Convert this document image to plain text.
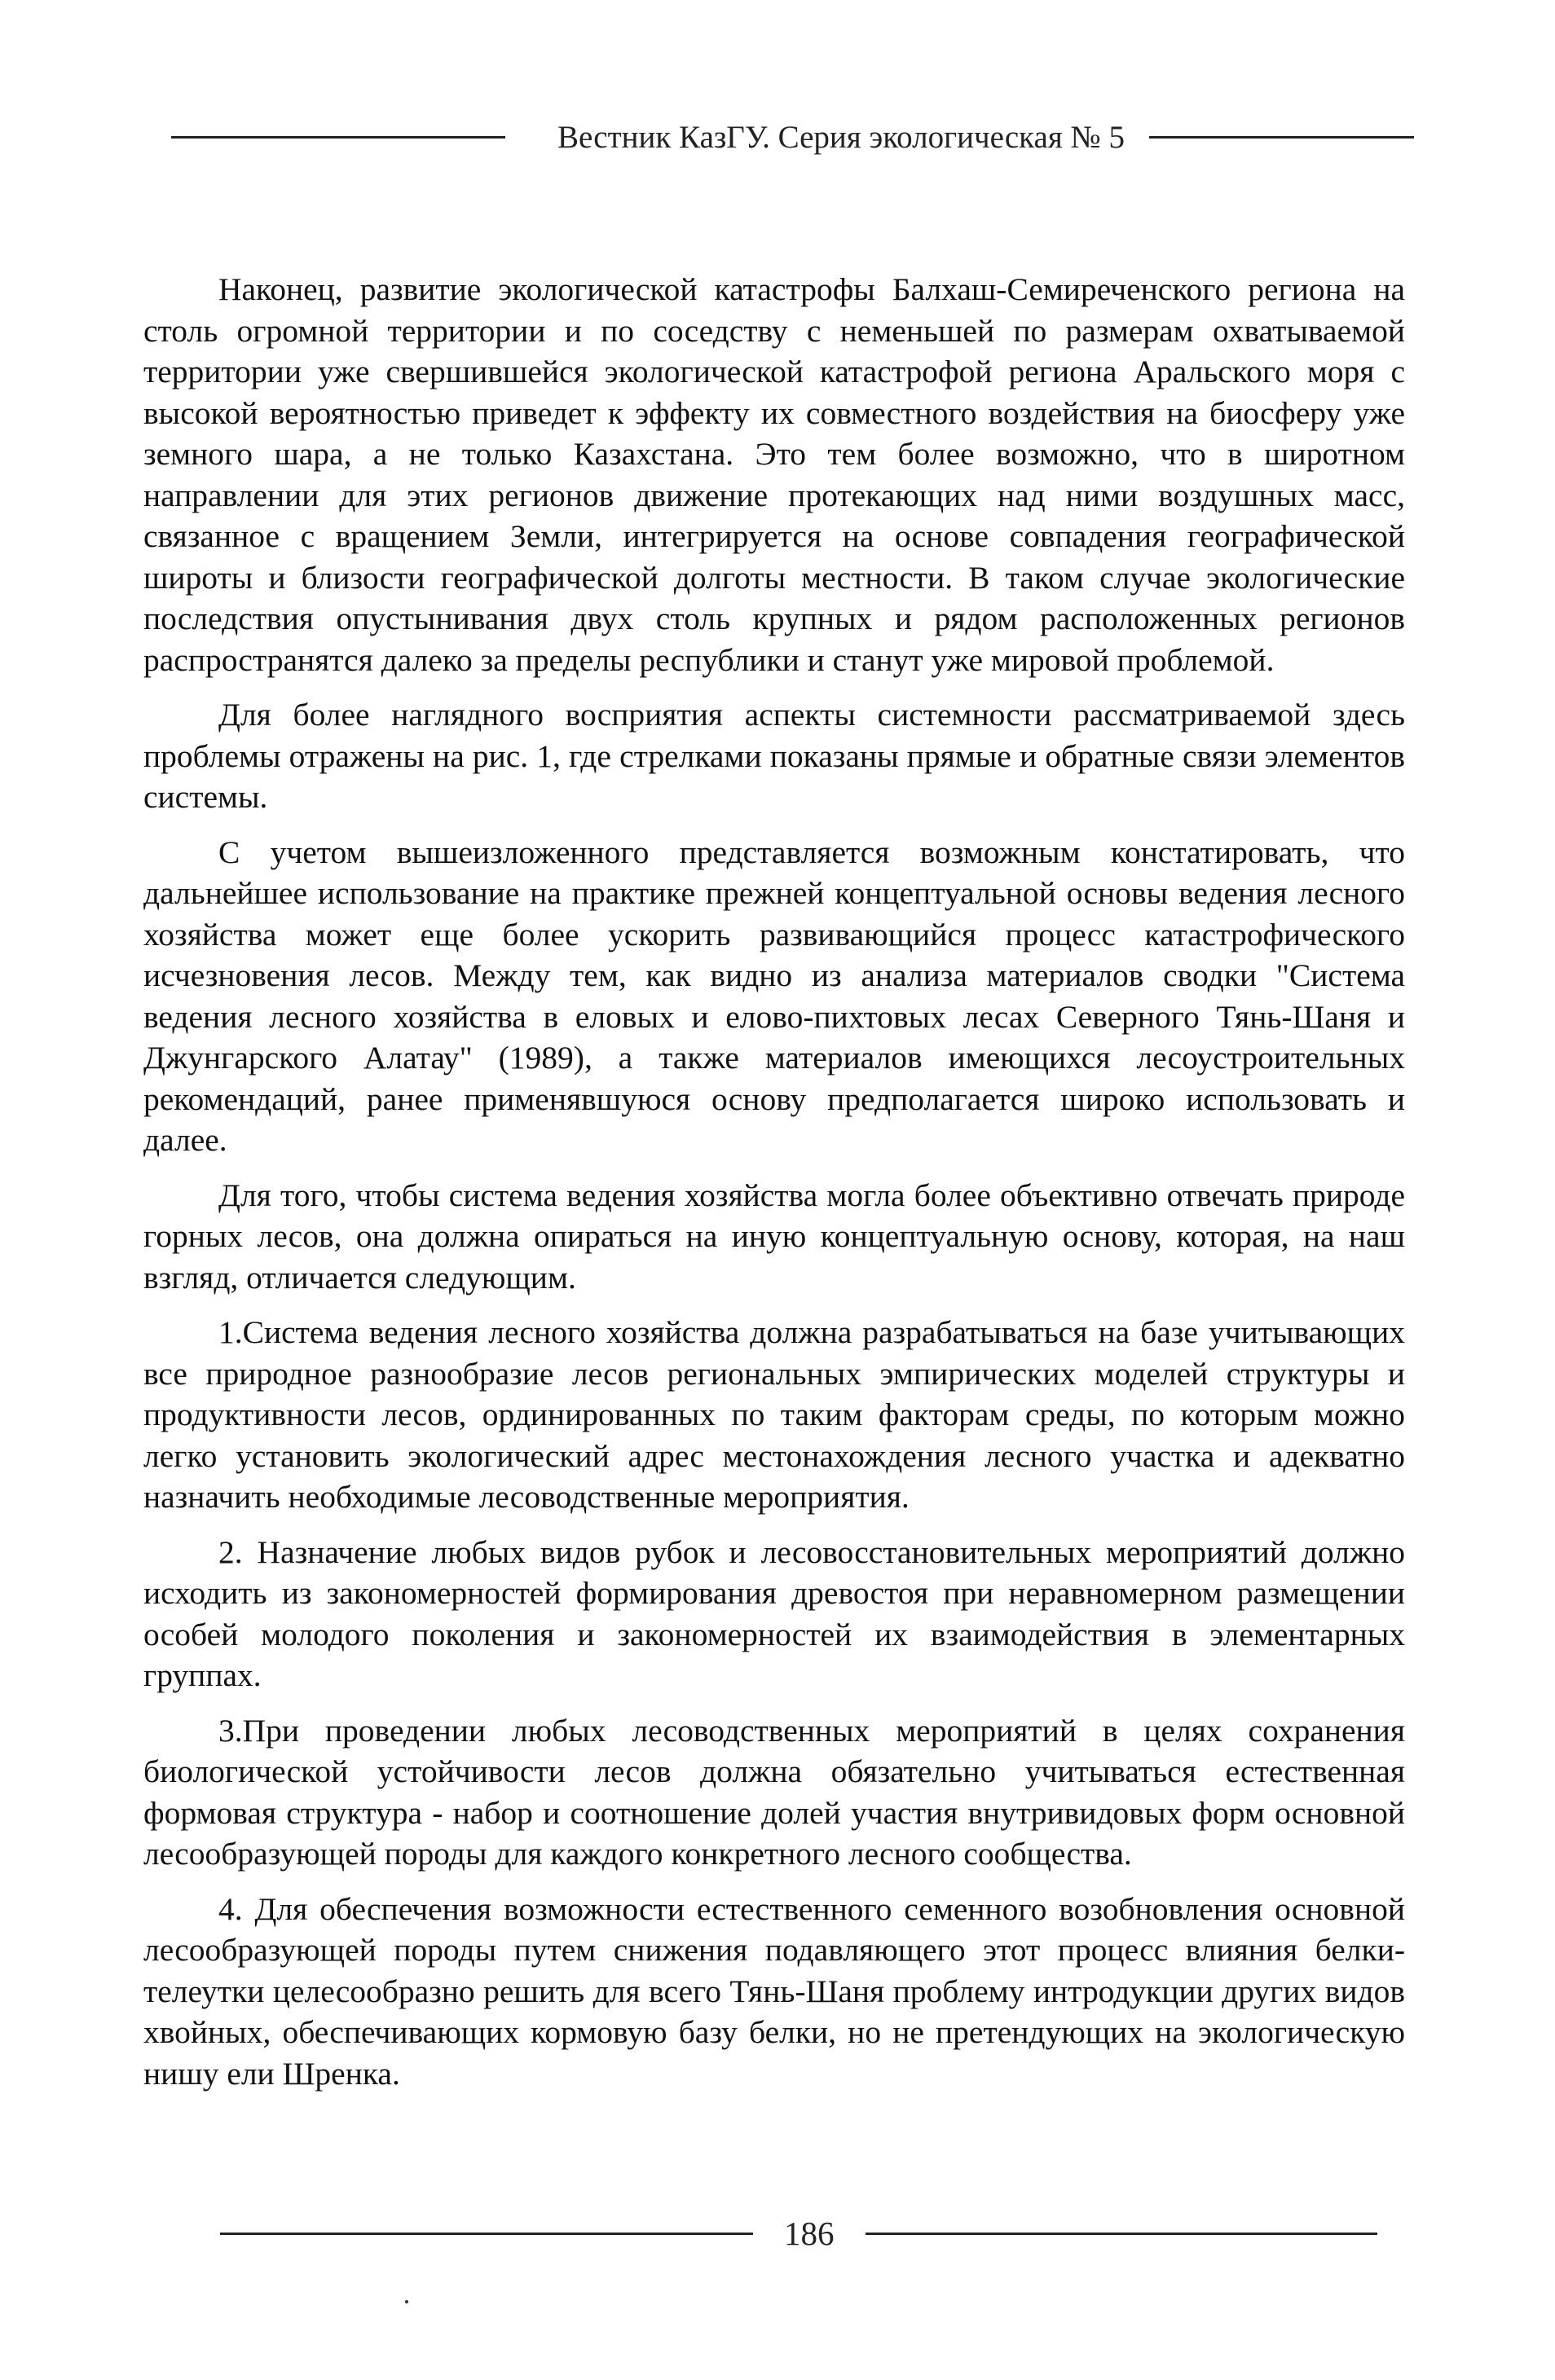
Вестник КазГУ. Серия экологическая № 5

Наконец, развитие экологической катастрофы Балхаш-Семиреченского региона на столь огромной территории и по соседству с неменьшей по размерам охватываемой территории уже свершившейся экологической катастрофой региона Аральского моря с высокой вероятностью приведет к эффекту их совместного воздействия на биосферу уже земного шара, а не только Казахстана. Это тем более возможно, что в широтном направлении для этих регионов движение протекающих над ними воздушных масс, связанное с вращением Земли, интегрируется на основе совпадения географической широты и близости географической долготы местности. В таком случае экологические последствия опустынивания двух столь крупных и рядом расположенных регионов распространятся далеко за пределы республики и станут уже мировой проблемой.

Для более наглядного восприятия аспекты системности рассматриваемой здесь проблемы отражены на рис. 1, где стрелками показаны прямые и обратные связи элементов системы.

С учетом вышеизложенного представляется возможным констатировать, что дальнейшее использование на практике прежней концептуальной основы ведения лесного хозяйства может еще более ускорить развивающийся процесс катастрофического исчезновения лесов. Между тем, как видно из анализа материалов сводки "Система ведения лесного хозяйства в еловых и елово-пихтовых лесах Северного Тянь-Шаня и Джунгарского Алатау" (1989), а также материалов имеющихся лесоустроительных рекомендаций, ранее применявшуюся основу предполагается широко использовать и далее.

Для того, чтобы система ведения хозяйства могла более объективно отвечать природе горных лесов, она должна опираться на иную концептуальную основу, которая, на наш взгляд, отличается следующим.

1.Система ведения лесного хозяйства должна разрабатываться на базе учитывающих все природное разнообразие лесов региональных эмпирических моделей структуры и продуктивности лесов, ординированных по таким факторам среды, по которым можно легко установить экологический адрес местонахождения лесного участка и адекватно назначить необходимые лесоводственные мероприятия.

2. Назначение любых видов рубок и лесовосстановительных мероприятий должно исходить из закономерностей формирования древостоя при неравномерном размещении особей молодого поколения и закономерностей их взаимодействия в элементарных группах.

3.При проведении любых лесоводственных мероприятий в целях сохранения биологической устойчивости лесов должна обязательно учитываться естественная формовая структура - набор и соотношение долей участия внутривидовых форм основной лесообразующей породы для каждого конкретного лесного сообщества.

4. Для обеспечения возможности естественного семенного возобновления основной лесообразующей породы путем снижения подавляющего этот процесс влияния белки-телеутки целесообразно решить для всего Тянь-Шаня проблему интродукции других видов хвойных, обеспечивающих кормовую базу белки, но не претендующих на экологическую нишу ели Шренка.

186
